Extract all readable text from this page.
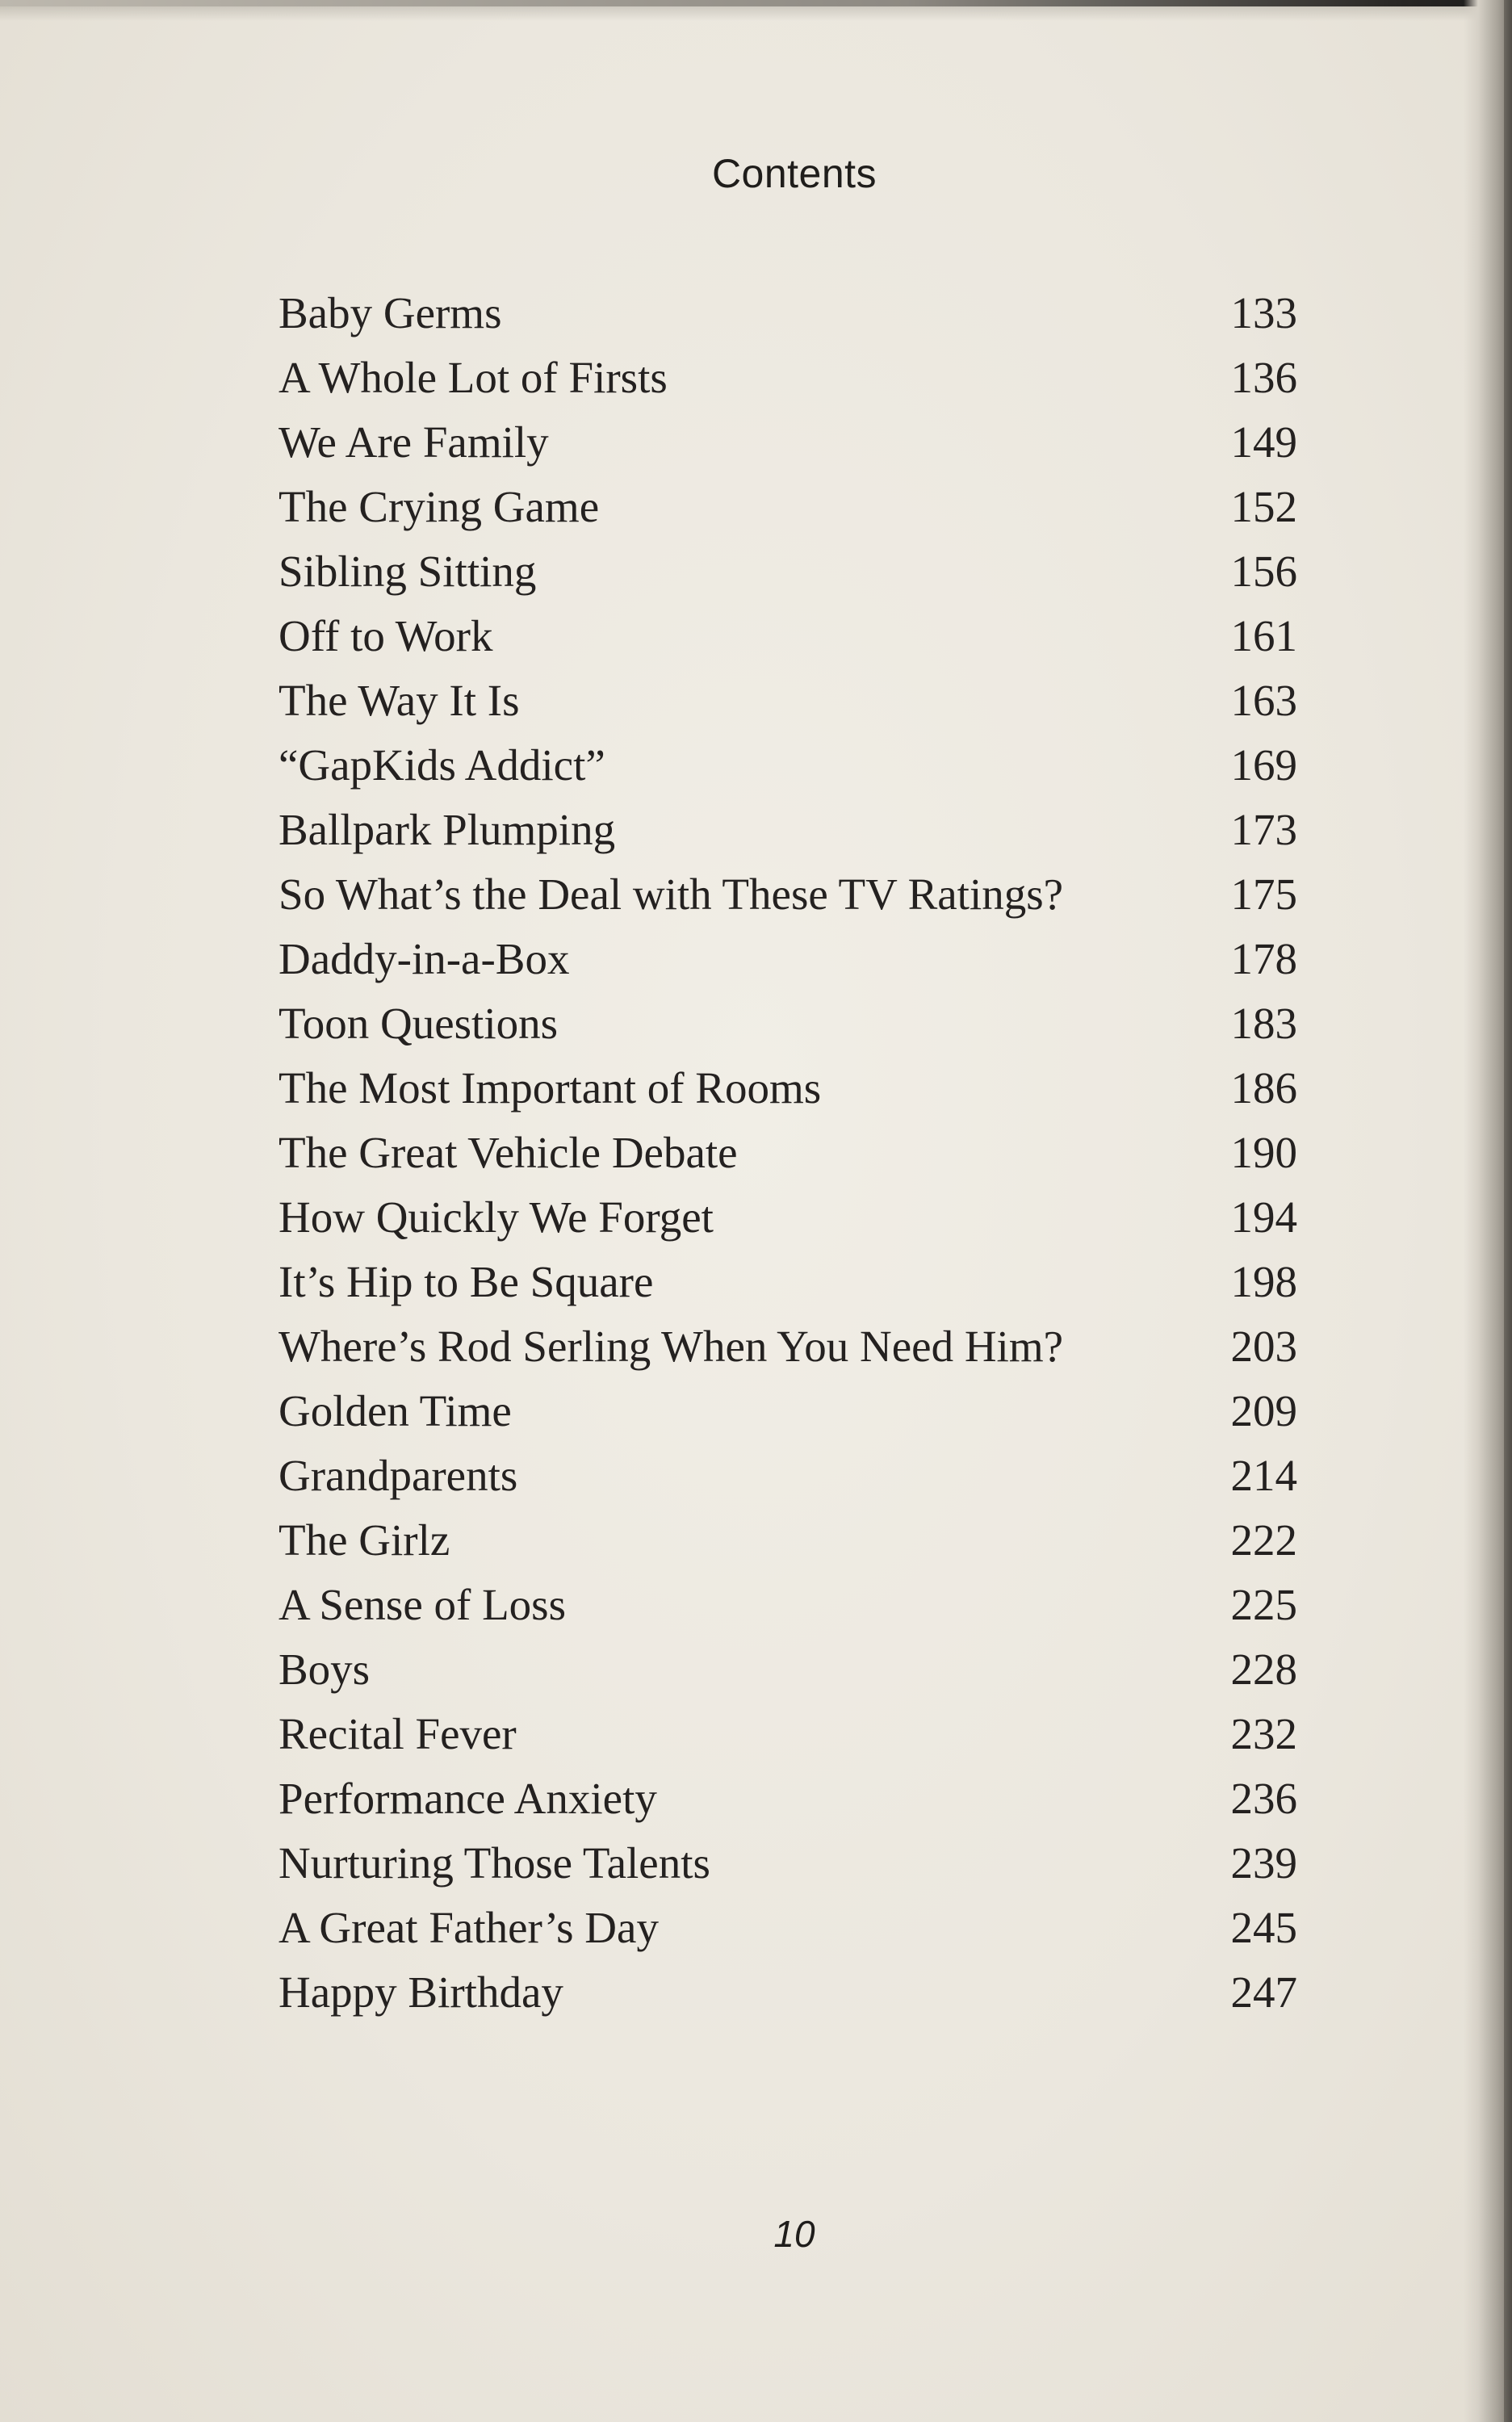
Contents
Baby Germs	133
A Whole Lot of Firsts	136
We Are Family	149
The Crying Game	152
Sibling Sitting	156
Off to Work	161
The Way It Is	163
“GapKids Addict”	169
Ballpark Plumping	173
So What’s the Deal with These TV Ratings?	175
Daddy-in-a-Box	178
Toon Questions	183
The Most Important of Rooms	186
The Great Vehicle Debate	190
How Quickly We Forget	194
It’s Hip to Be Square	198
Where’s Rod Serling When You Need Him?	203
Golden Time	209
Grandparents	214
The Girlz	222
A Sense of Loss	225
Boys	228
Recital Fever	232
Performance Anxiety	236
Nurturing Those Talents	239
A Great Father’s Day	245
Happy Birthday	247
10
